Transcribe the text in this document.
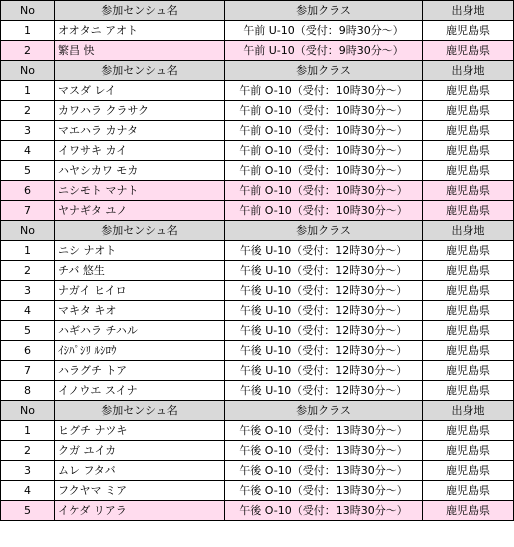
No	参加センシュ名	参加クラス	出身地
1	オオタニ アオト	午前 U-10（受付：9時30分～）	鹿児島県
2	繁昌 快	午前 U-10（受付：9時30分～）	鹿児島県
No	参加センシュ名	参加クラス	出身地
1	マスダ レイ	午前 O-10（受付：10時30分～）	鹿児島県
2	カワハラ クラサク	午前 O-10（受付：10時30分～）	鹿児島県
3	マエハラ カナタ	午前 O-10（受付：10時30分～）	鹿児島県
4	イワサキ カイ	午前 O-10（受付：10時30分～）	鹿児島県
5	ハヤシカワ モカ	午前 O-10（受付：10時30分～）	鹿児島県
6	ニシモト マナト	午前 O-10（受付：10時30分～）	鹿児島県
7	ヤナギタ ユノ	午前 O-10（受付：10時30分～）	鹿児島県
No	参加センシュ名	参加クラス	出身地
1	ニシ ナオト	午後 U-10（受付：12時30分～）	鹿児島県
2	チバ 悠生	午後 U-10（受付：12時30分～）	鹿児島県
3	ナガイ ヒイロ	午後 U-10（受付：12時30分～）	鹿児島県
4	マキタ キオ	午後 U-10（受付：12時30分～）	鹿児島県
5	ハギハラ チハル	午後 U-10（受付：12時30分～）	鹿児島県
6	ｲｼﾊﾟｼﾘ ﾙｼﾛｳ	午後 U-10（受付：12時30分～）	鹿児島県
7	ハラグチ トア	午後 U-10（受付：12時30分～）	鹿児島県
8	イノウエ スイナ	午後 U-10（受付：12時30分～）	鹿児島県
No	参加センシュ名	参加クラス	出身地
1	ヒグチ ナツキ	午後 O-10（受付：13時30分～）	鹿児島県
2	クガ ユイカ	午後 O-10（受付：13時30分～）	鹿児島県
3	ムレ フタバ	午後 O-10（受付：13時30分～）	鹿児島県
4	フクヤマ ミア	午後 O-10（受付：13時30分～）	鹿児島県
5	イケダ リアラ	午後 O-10（受付：13時30分～）	鹿児島県
